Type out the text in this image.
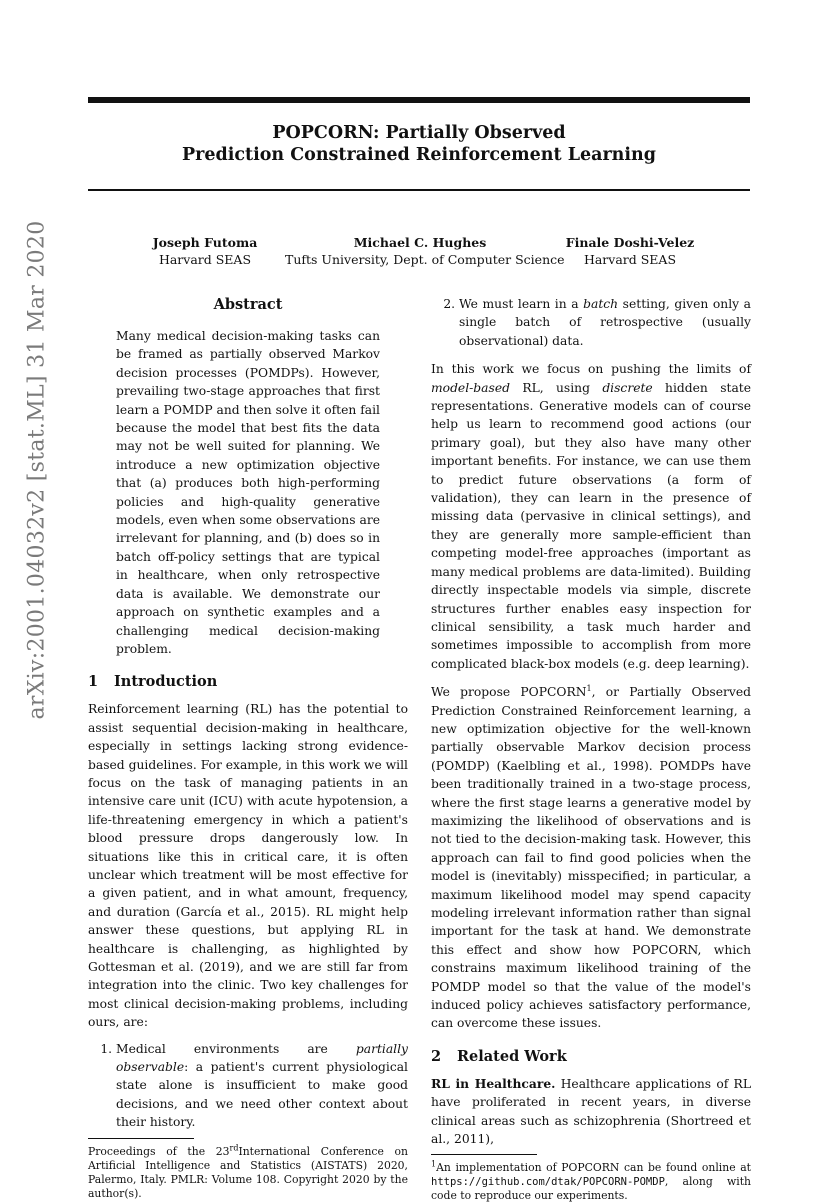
POPCORN: Partially Observed
Prediction Constrained Reinforcement Learning
Joseph Futoma
Harvard SEAS
Michael C. Hughes
Tufts University, Dept. of Computer Science
Finale Doshi-Velez
Harvard SEAS
arXiv:2001.04032v2 [stat.ML] 31 Mar 2020	Abstract

Many medical decision-making tasks can be framed as partially observed Markov decision processes (POMDPs). However, prevailing two-stage approaches that first learn a POMDP and then solve it often fail because the model that best fits the data may not be well suited for planning. We introduce a new optimization objective that (a) produces both high-performing policies and high-quality generative models, even when some observations are irrelevant for planning, and (b) does so in batch off-policy settings that are typical in healthcare, when only retrospective data is available. We demonstrate our approach on synthetic examples and a challenging medical decision-making problem.

1 Introduction

Reinforcement learning (RL) has the potential to assist sequential decision-making in healthcare, especially in settings lacking strong evidence-based guidelines. For example, in this work we will focus on the task of managing patients in an intensive care unit (ICU) with acute hypotension, a life-threatening emergency in which a patient's blood pressure drops dangerously low. In situations like this in critical care, it is often unclear which treatment will be most effective for a given patient, and in what amount, frequency, and duration (García et al., 2015). RL might help answer these questions, but applying RL in healthcare is challenging, as highlighted by Gottesman et al. (2019), and we are still far from integration into the clinic. Two key challenges for most clinical decision-making problems, including ours, are:

1. Medical environments are partially observable: a patient's current physiological state alone is insufficient to make good decisions, and we need other context about their history.

Proceedings of the 23rdInternational Conference on Artificial Intelligence and Statistics (AISTATS) 2020, Palermo, Italy. PMLR: Volume 108. Copyright 2020 by the author(s).

2. We must learn in a batch setting, given only a single batch of retrospective (usually observational) data.

In this work we focus on pushing the limits of model-based RL, using discrete hidden state representations. Generative models can of course help us learn to recommend good actions (our primary goal), but they also have many other important benefits. For instance, we can use them to predict future observations (a form of validation), they can learn in the presence of missing data (pervasive in clinical settings), and they are generally more sample-efficient than competing model-free approaches (important as many medical problems are data-limited). Building directly inspectable models via simple, discrete structures further enables easy inspection for clinical sensibility, a task much harder and sometimes impossible to accomplish from more complicated black-box models (e.g. deep learning).

We propose POPCORN$^1$, or Partially Observed Prediction Constrained Reinforcement learning, a new optimization objective for the well-known partially observable Markov decision process (POMDP) (Kaelbling et al., 1998). POMDPs have been traditionally trained in a two-stage process, where the first stage learns a generative model by maximizing the likelihood of observations and is not tied to the decision-making task. However, this approach can fail to find good policies when the model is (inevitably) misspecified; in particular, a maximum likelihood model may spend capacity modeling irrelevant information rather than signal important for the task at hand. We demonstrate this effect and show how POPCORN, which constrains maximum likelihood training of the POMDP model so that the value of the model's induced policy achieves satisfactory performance, can overcome these issues.

2 Related Work

RL in Healthcare. Healthcare applications of RL have proliferated in recent years, in diverse clinical areas such as schizophrenia (Shortreed et al., 2011),

$^1$An implementation of POPCORN can be found online at https://github.com/dtak/POPCORN-POMDP, along with code to reproduce our experiments.
